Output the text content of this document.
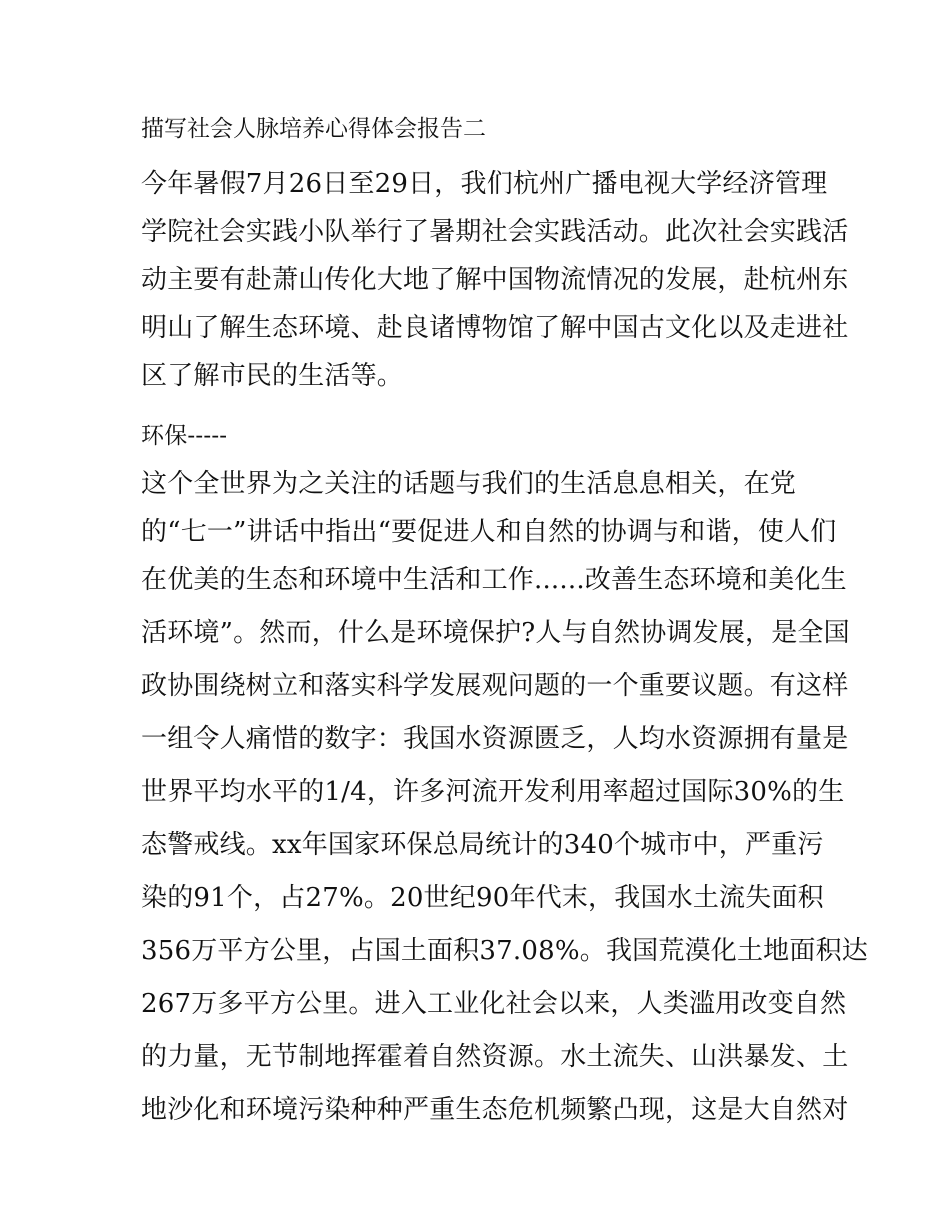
描写社会人脉培养心得体会报告二
今年暑假7月26日至29日，我们杭州广播电视大学经济管理
学院社会实践小队举行了暑期社会实践活动。此次社会实践活
动主要有赴萧山传化大地了解中国物流情况的发展，赴杭州东
明山了解生态环境、赴良诸博物馆了解中国古文化以及走进社
区了解市民的生活等。
环保-----
这个全世界为之关注的话题与我们的生活息息相关，在党
的“七一”讲话中指出“要促进人和自然的协调与和谐，使人们
在优美的生态和环境中生活和工作......改善生态环境和美化生
活环境”。然而，什么是环境保护?人与自然协调发展，是全国
政协围绕树立和落实科学发展观问题的一个重要议题。有这样
一组令人痛惜的数字：我国水资源匮乏，人均水资源拥有量是
世界平均水平的1/4，许多河流开发利用率超过国际30%的生
态警戒线。xx年国家环保总局统计的340个城市中，严重污
染的91个，占27%。20世纪90年代末，我国水土流失面积
356万平方公里，占国土面积37.08%。我国荒漠化土地面积达
267万多平方公里。进入工业化社会以来，人类滥用改变自然
的力量，无节制地挥霍着自然资源。水土流失、山洪暴发、土
地沙化和环境污染种种严重生态危机频繁凸现，这是大自然对
